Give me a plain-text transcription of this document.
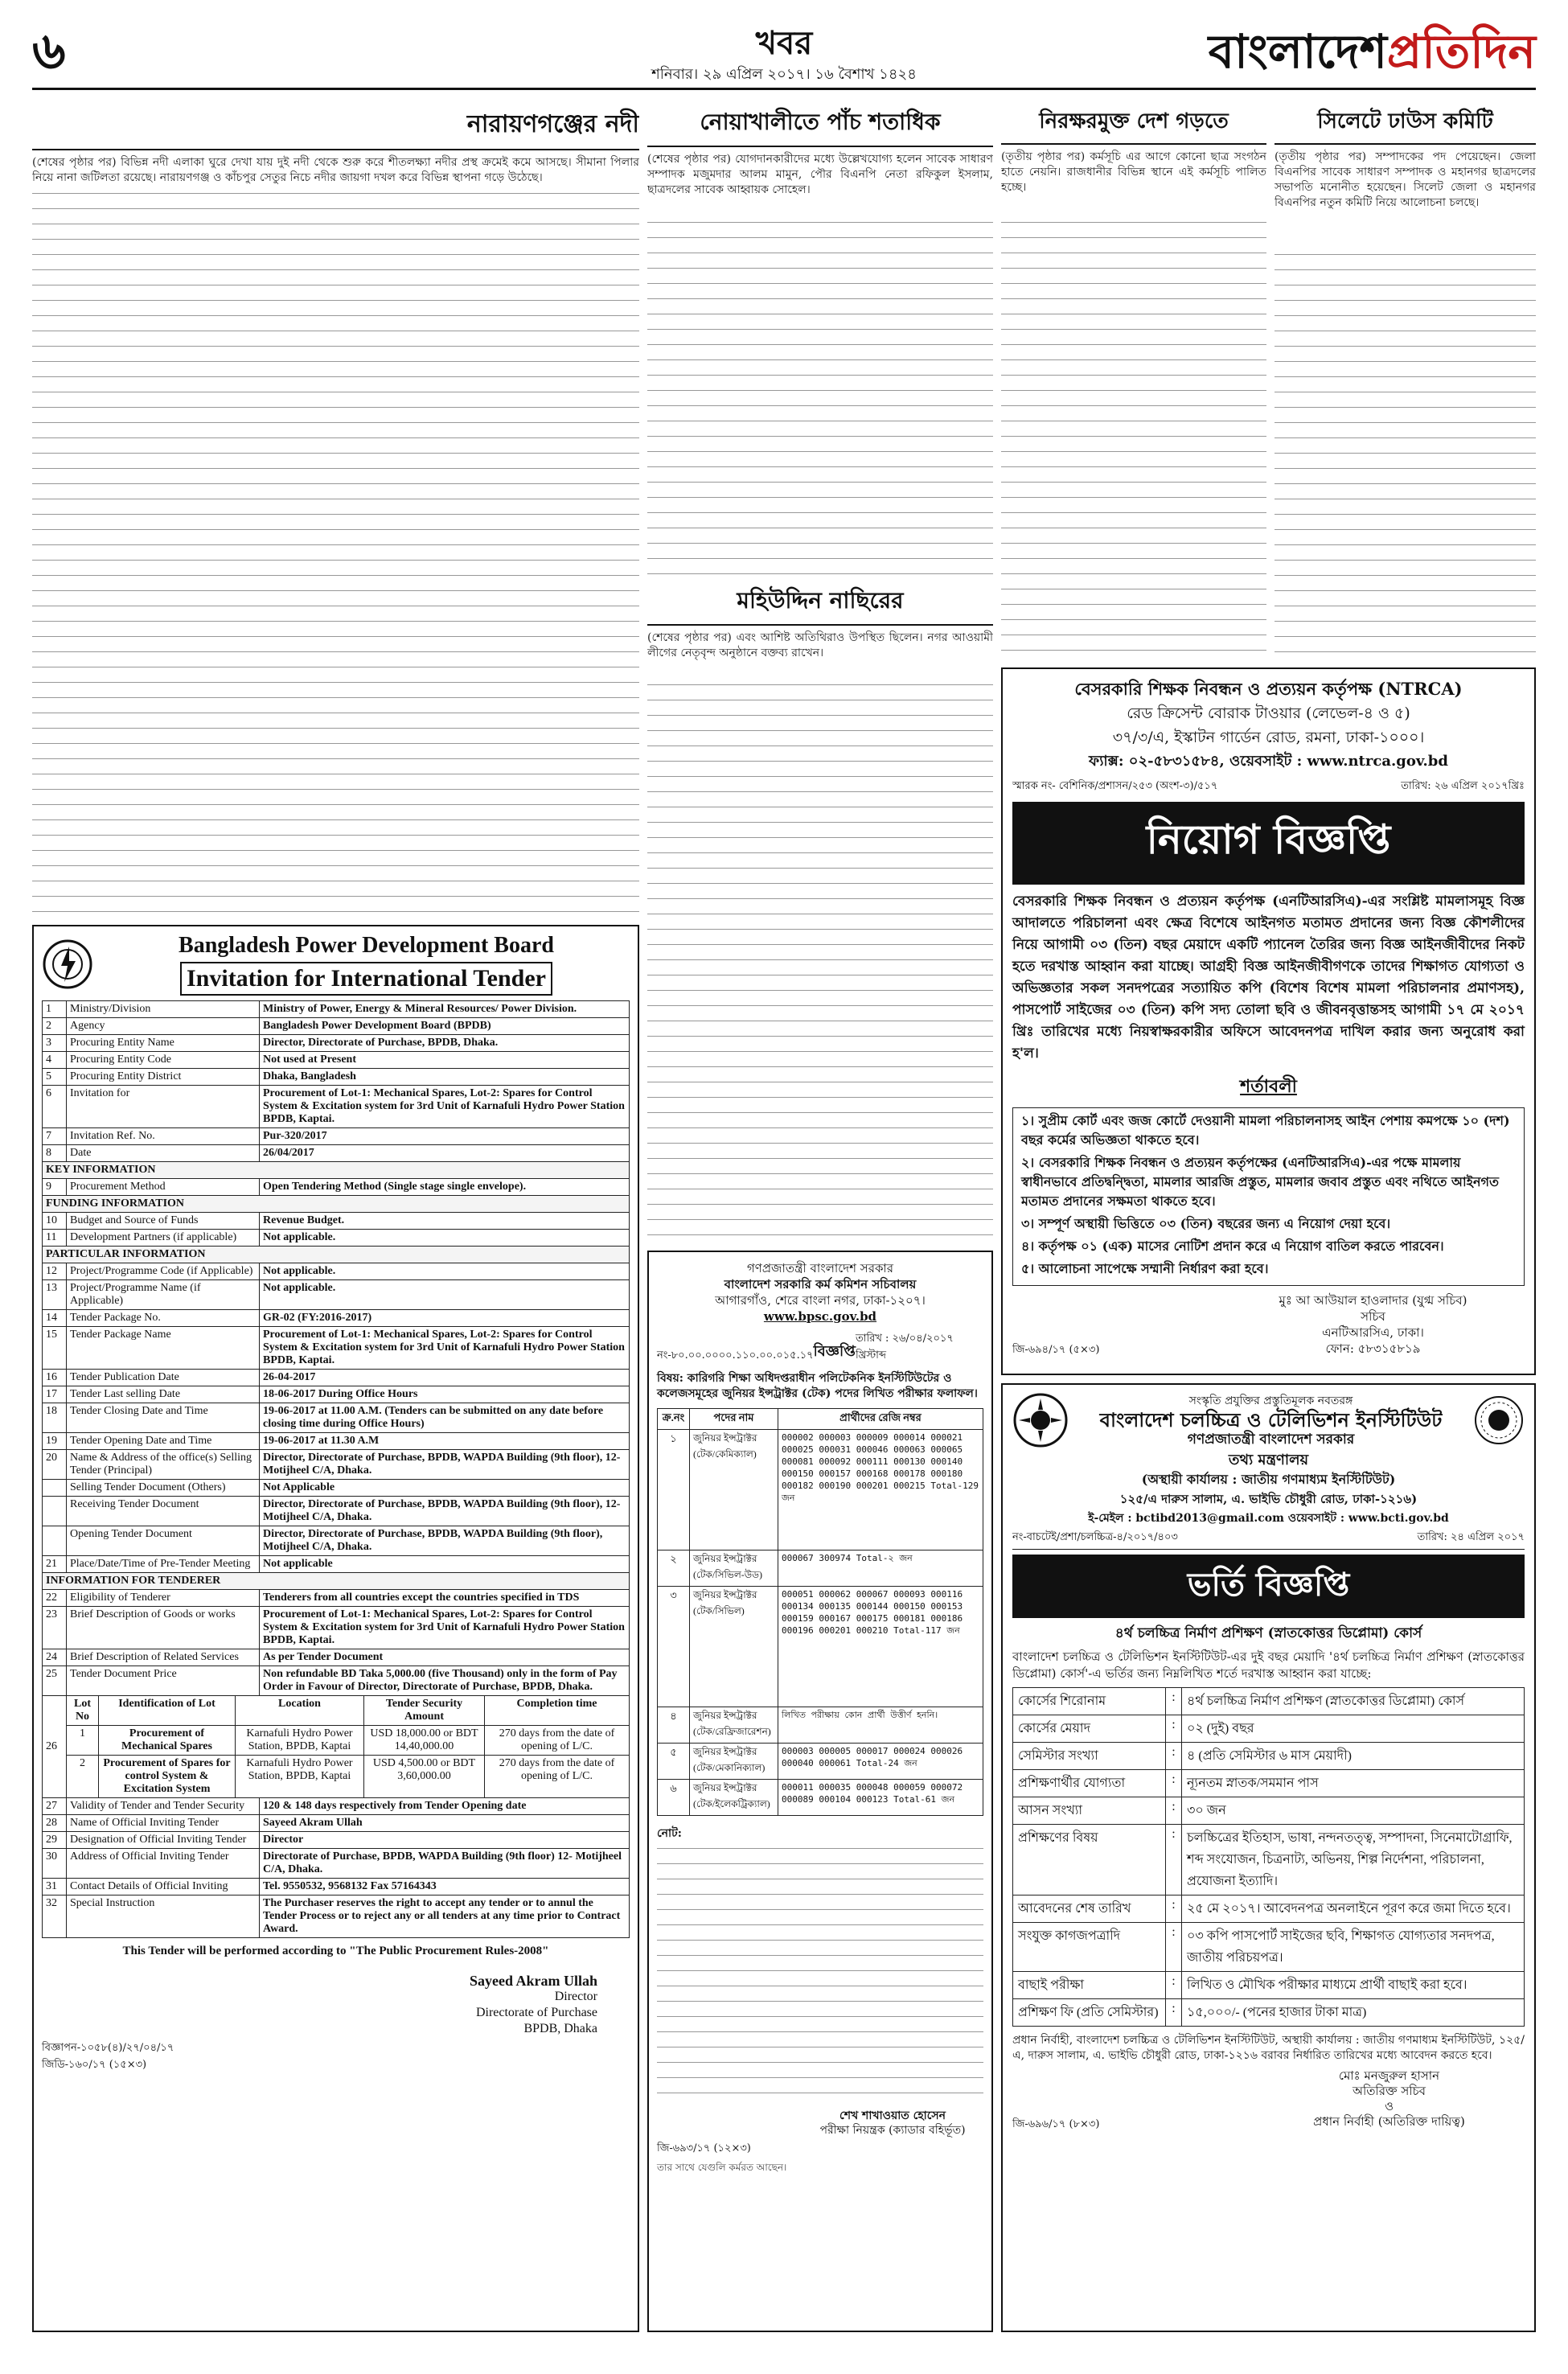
৬	খবর
শনিবার। ২৯ এপ্রিল ২০১৭। ১৬ বৈশাখ ১৪২৪	বাংলাদেশপ্রতিদিন
নারায়ণগঞ্জের নদী
(শেষের পৃষ্ঠার পর) বিভিন্ন নদী এলাকা ঘুরে দেখা যায় দুই নদী থেকে শুরু করে শীতলক্ষ্যা নদীর প্রস্থ ক্রমেই কমে আসছে। সীমানা পিলার নিয়ে নানা জটিলতা রয়েছে। নারায়ণগঞ্জ ও কাঁচপুর সেতুর নিচে নদীর জায়গা দখল করে বিভিন্ন স্থাপনা গড়ে উঠেছে।
নোয়াখালীতে পাঁচ শতাধিক
(শেষের পৃষ্ঠার পর) যোগদানকারীদের মধ্যে উল্লেখযোগ্য হলেন সাবেক সাধারণ সম্পাদক মজুমদার আলম মামুন, পৌর বিএনপি নেতা রফিকুল ইসলাম, ছাত্রদলের সাবেক আহ্বায়ক সোহেল।
মহিউদ্দিন নাছিরের
(শেষের পৃষ্ঠার পর) এবং আশিষ্ট অতিথিরাও উপস্থিত ছিলেন। নগর আওয়ামী লীগের নেতৃবৃন্দ অনুষ্ঠানে বক্তব্য রাখেন।
নিরক্ষরমুক্ত দেশ গড়তে
(তৃতীয় পৃষ্ঠার পর) কর্মসূচি এর আগে কোনো ছাত্র সংগঠন হাতে নেয়নি। রাজধানীর বিভিন্ন স্থানে এই কর্মসূচি পালিত হচ্ছে।
সিলেটে ঢাউস কমিটি
(তৃতীয় পৃষ্ঠার পর) সম্পাদকের পদ পেয়েছেন। জেলা বিএনপির সাবেক সাধারণ সম্পাদক ও মহানগর ছাত্রদলের সভাপতি মনোনীত হয়েছেন। সিলেট জেলা ও মহানগর বিএনপির নতুন কমিটি নিয়ে আলোচনা চলছে।
Bangladesh Power Development Board
Invitation for International Tender
1	Ministry/Division	Ministry of Power, Energy & Mineral Resources/ Power Division.
2	Agency	Bangladesh Power Development Board (BPDB)
3	Procuring Entity Name	Director, Directorate of Purchase, BPDB, Dhaka.
4	Procuring Entity Code	Not used at Present
5	Procuring Entity District	Dhaka, Bangladesh
6	Invitation for	Procurement of Lot-1: Mechanical Spares, Lot-2: Spares for Control System & Excitation system for 3rd Unit of Karnafuli Hydro Power Station BPDB, Kaptai.
7	Invitation Ref. No.	Pur-320/2017
8	Date	26/04/2017
KEY INFORMATION		
9	Procurement Method	Open Tendering Method (Single stage single envelope).
FUNDING INFORMATION		
10	Budget and Source of Funds	Revenue Budget.
11	Development Partners (if applicable)	Not applicable.
PARTICULAR INFORMATION		
12	Project/Programme Code (if Applicable)	Not applicable.
13	Project/Programme Name (if Applicable)	Not applicable.
14	Tender Package No.	GR-02 (FY:2016-2017)
15	Tender Package Name	Procurement of Lot-1: Mechanical Spares, Lot-2: Spares for Control System & Excitation system for 3rd Unit of Karnafuli Hydro Power Station BPDB, Kaptai.
16	Tender Publication Date	26-04-2017
17	Tender Last selling Date	18-06-2017 During Office Hours
18	Tender Closing Date and Time	19-06-2017 at 11.00 A.M. (Tenders can be submitted on any date before closing time during Office Hours)
19	Tender Opening Date and Time	19-06-2017 at 11.30 A.M
20	Name & Address of the office(s) Selling Tender (Principal)	Director, Directorate of Purchase, BPDB, WAPDA Building (9th floor), 12-Motijheel C/A, Dhaka.
	Selling Tender Document (Others)	Not Applicable
	Receiving Tender Document	Director, Directorate of Purchase, BPDB, WAPDA Building (9th floor), 12-Motijheel C/A, Dhaka.
	Opening Tender Document	Director, Directorate of Purchase, BPDB, WAPDA Building (9th floor), Motijheel C/A, Dhaka.
21	Place/Date/Time of Pre-Tender Meeting	Not applicable
INFORMATION FOR TENDERER		
22	Eligibility of Tenderer	Tenderers from all countries except the countries specified in TDS
23	Brief Description of Goods or works	Procurement of Lot-1: Mechanical Spares, Lot-2: Spares for Control System & Excitation system for 3rd Unit of Karnafuli Hydro Power Station BPDB, Kaptai.
24	Brief Description of Related Services	As per Tender Document
25	Tender Document Price	Non refundable BD Taka 5,000.00 (five Thousand) only in the form of Pay Order in Favour of Director, Directorate of Purchase, BPDB, Dhaka.
26	Lot No	Identification of Lot	Location	Tender Security Amount	Completion time
	1	Procurement of Mechanical Spares	Karnafuli Hydro Power Station, BPDB, Kaptai	USD 18,000.00 or BDT 14,40,000.00	270 days from the date of opening of L/C.
	2	Procurement of Spares for control System & Excitation System	Karnafuli Hydro Power Station, BPDB, Kaptai	USD 4,500.00 or BDT 3,60,000.00	270 days from the date of opening of L/C.
27	Validity of Tender and Tender Security	120 & 148 days respectively from Tender Opening date
28	Name of Official Inviting Tender	Sayeed Akram Ullah
29	Designation of Official Inviting Tender	Director
30	Address of Official Inviting Tender	Directorate of Purchase, BPDB, WAPDA Building (9th floor) 12- Motijheel C/A, Dhaka.
31	Contact Details of Official Inviting	Tel. 9550532, 9568132 Fax 57164343
32	Special Instruction	The Purchaser reserves the right to accept any tender or to annul the Tender Process or to reject any or all tenders at any time prior to Contract Award.
This Tender will be performed according to "The Public Procurement Rules-2008"
Sayeed Akram Ullah
Director
Directorate of Purchase
BPDB, Dhaka
বিজ্ঞাপন-১০৫৮(৪)/২৭/০৪/১৭
জিডি-১৬০/১৭ (১৫×৩)
গণপ্রজাতন্ত্রী বাংলাদেশ সরকার
বাংলাদেশ সরকারি কর্ম কমিশন সচিবালয়
আগারগাঁও, শেরে বাংলা নগর, ঢাকা-১২০৭।
www.bpsc.gov.bd
নং-৮০.০০.০০০০.১১০.০০.০১৫.১৭ বিজ্ঞপ্তি
তারিখ : ২৬/০৪/২০১৭ খ্রিস্টাব্দ
বিষয়: কারিগরি শিক্ষা অধিদপ্তরাধীন পলিটেকনিক ইনস্টিটিউটের ও কলেজসমূহের জুনিয়র ইন্সট্রাক্টর (টেক) পদের লিখিত পরীক্ষার ফলাফল।
ক্র.নং	পদের নাম	প্রার্থীদের রেজি নম্বর
১	জুনিয়র ইন্সট্রাক্টর (টেক/কেমিক্যাল)	000002 000003 000009 000014 000021 000025 000031 000046 000063 000065 000081 000092 000111 000130 000140 000150 000157 000168 000178 000180 000182 000190 000201 000215 Total-129 জন
২	জুনিয়র ইন্সট্রাক্টর (টেক/সিভিল-উড)	000067 300974 Total-২ জন
৩	জুনিয়র ইন্সট্রাক্টর (টেক/সিভিল)	000051 000062 000067 000093 000116 000134 000135 000144 000150 000153 000159 000167 000175 000181 000186 000196 000201 000210 Total-117 জন
৪	জুনিয়র ইন্সট্রাক্টর (টেক/রেফ্রিজারেশন)	লিখিত পরীক্ষায় কোন প্রার্থী উত্তীর্ণ হননি।
৫	জুনিয়র ইন্সট্রাক্টর (টেক/মেকানিক্যাল)	000003 000005 000017 000024 000026 000040 000061 Total-24 জন
৬	জুনিয়র ইন্সট্রাক্টর (টেক/ইলেকট্রিক্যাল)	000011 000035 000048 000059 000072 000089 000104 000123 Total-61 জন
নোট:
শেখ শাখাওয়াত হোসেন
পরীক্ষা নিয়ন্ত্রক (ক্যাডার বহির্ভূত)
জি-৬৯৩/১৭ (১২×৩)
তার সাথে যেগুলি কর্মরত আছেন।
বেসরকারি শিক্ষক নিবন্ধন ও প্রত্যয়ন কর্তৃপক্ষ (NTRCA)
রেড ক্রিসেন্ট বোরাক টাওয়ার (লেভেল-৪ ও ৫)
৩৭/৩/এ, ইস্কাটন গার্ডেন রোড, রমনা, ঢাকা-১০০০।
ফ্যাক্স: ০২-৫৮৩১৫৮৪, ওয়েবসাইট : www.ntrca.gov.bd
স্মারক নং- বেশিনিক/প্রশাসন/২৫৩ (অংশ-৩)/৫১৭	তারিখ: ২৬ এপ্রিল ২০১৭খ্রিঃ
নিয়োগ বিজ্ঞপ্তি
বেসরকারি শিক্ষক নিবন্ধন ও প্রত্যয়ন কর্তৃপক্ষ (এনটিআরসিএ)-এর সংশ্লিষ্ট মামলাসমূহ বিজ্ঞ আদালতে পরিচালনা এবং ক্ষেত্র বিশেষে আইনগত মতামত প্রদানের জন্য বিজ্ঞ কৌশলীদের নিয়ে আগামী ০৩ (তিন) বছর মেয়াদে একটি প্যানেল তৈরির জন্য বিজ্ঞ আইনজীবীদের নিকট হতে দরখাস্ত আহ্বান করা যাচ্ছে। আগ্রহী বিজ্ঞ আইনজীবীগণকে তাদের শিক্ষাগত যোগ্যতা ও অভিজ্ঞতার সকল সনদপত্রের সত্যায়িত কপি (বিশেষ বিশেষ মামলা পরিচালনার প্রমাণসহ), পাসপোর্ট সাইজের ০৩ (তিন) কপি সদ্য তোলা ছবি ও জীবনবৃত্তান্তসহ আগামী ১৭ মে ২০১৭ খ্রিঃ তারিখের মধ্যে নিয়স্বাক্ষরকারীর অফিসে আবেদনপত্র দাখিল করার জন্য অনুরোধ করা হ'ল।
শর্তাবলী
১। সুপ্রীম কোর্ট এবং জজ কোর্টে দেওয়ানী মামলা পরিচালনাসহ আইন পেশায় কমপক্ষে ১০ (দশ) বছর কর্মের অভিজ্ঞতা থাকতে হবে।
২। বেসরকারি শিক্ষক নিবন্ধন ও প্রত্যয়ন কর্তৃপক্ষের (এনটিআরসিএ)-এর পক্ষে মামলায় স্বাধীনভাবে প্রতিদ্বন্দ্বিতা, মামলার আরজি প্রস্তুত, মামলার জবাব প্রস্তুত এবং নথিতে আইনগত মতামত প্রদানের সক্ষমতা থাকতে হবে।
৩। সম্পূর্ণ অস্থায়ী ভিত্তিতে ০৩ (তিন) বছরের জন্য এ নিয়োগ দেয়া হবে।
৪। কর্তৃপক্ষ ০১ (এক) মাসের নোটিশ প্রদান করে এ নিয়োগ বাতিল করতে পারবেন।
৫। আলোচনা সাপেক্ষে সম্মানী নির্ধারণ করা হবে।
মুঃ আ আউয়াল হাওলাদার (যুগ্ম সচিব)
সচিব
এনটিআরসিএ, ঢাকা।
ফোন: ৫৮৩১৫৮১৯
জি-৬৯৪/১৭ (৫×৩)
সংস্কৃতি প্রযুক্তির প্রস্তুতিমূলক নবতরঙ্গ
বাংলাদেশ চলচ্চিত্র ও টেলিভিশন ইনস্টিটিউট
গণপ্রজাতন্ত্রী বাংলাদেশ সরকার
তথ্য মন্ত্রণালয়
(অস্থায়ী কার্যালয় : জাতীয় গণমাধ্যম ইনস্টিটিউট)
১২৫/এ দারুস সালাম, এ. ভাইভি চৌধুরী রোড, ঢাকা-১২১৬)
ই-মেইল : bctibd2013@gmail.com ওয়েবসাইট : www.bcti.gov.bd
নং-বাচটেই/প্রশা/চলচ্চিত্র-৪/২০১৭/৪০৩	তারিখ: ২৪ এপ্রিল ২০১৭
ভর্তি বিজ্ঞপ্তি
৪র্থ চলচ্চিত্র নির্মাণ প্রশিক্ষণ (স্নাতকোত্তর ডিপ্লোমা) কোর্স
বাংলাদেশ চলচ্চিত্র ও টেলিভিশন ইনস্টিটিউট-এর দুই বছর মেয়াদি '৪র্থ চলচ্চিত্র নির্মাণ প্রশিক্ষণ (স্নাতকোত্তর ডিপ্লোমা) কোর্স'-এ ভর্তির জন্য নিম্নলিখিত শর্তে দরখাস্ত আহ্বান করা যাচ্ছে:
কোর্সের শিরোনাম	:	৪র্থ চলচ্চিত্র নির্মাণ প্রশিক্ষণ (স্নাতকোত্তর ডিপ্লোমা) কোর্স
কোর্সের মেয়াদ	:	০২ (দুই) বছর
সেমিস্টার সংখ্যা	:	৪ (প্রতি সেমিস্টার ৬ মাস মেয়াদী)
প্রশিক্ষণার্থীর যোগ্যতা	:	ন্যূনতম স্নাতক/সমমান পাস
আসন সংখ্যা	:	৩০ জন
প্রশিক্ষণের বিষয়	:	চলচ্চিত্রের ইতিহাস, ভাষা, নন্দনতত্ত্ব, সম্পাদনা, সিনেমাটোগ্রাফি, শব্দ সংযোজন, চিত্রনাট্য, অভিনয়, শিল্প নির্দেশনা, পরিচালনা, প্রযোজনা ইত্যাদি।
আবেদনের শেষ তারিখ	:	২৫ মে ২০১৭। আবেদনপত্র অনলাইনে পূরণ করে জমা দিতে হবে।
সংযুক্ত কাগজপত্রাদি	:	০৩ কপি পাসপোর্ট সাইজের ছবি, শিক্ষাগত যোগ্যতার সনদপত্র, জাতীয় পরিচয়পত্র।
বাছাই পরীক্ষা	:	লিখিত ও মৌখিক পরীক্ষার মাধ্যমে প্রার্থী বাছাই করা হবে।
প্রশিক্ষণ ফি (প্রতি সেমিস্টার)	:	১৫,০০০/- (পনের হাজার টাকা মাত্র)
প্রধান নির্বাহী, বাংলাদেশ চলচ্চিত্র ও টেলিভিশন ইনস্টিটিউট, অস্থায়ী কার্যালয় : জাতীয় গণমাধ্যম ইনস্টিটিউট, ১২৫/এ, দারুস সালাম, এ. ভাইভি চৌধুরী রোড, ঢাকা-১২১৬ বরাবর নির্ধারিত তারিখের মধ্যে আবেদন করতে হবে।
মোঃ মনজুরুল হাসান
অতিরিক্ত সচিব
ও
প্রধান নির্বাহী (অতিরিক্ত দায়িত্ব)
জি-৬৯৬/১৭ (৮×৩)
